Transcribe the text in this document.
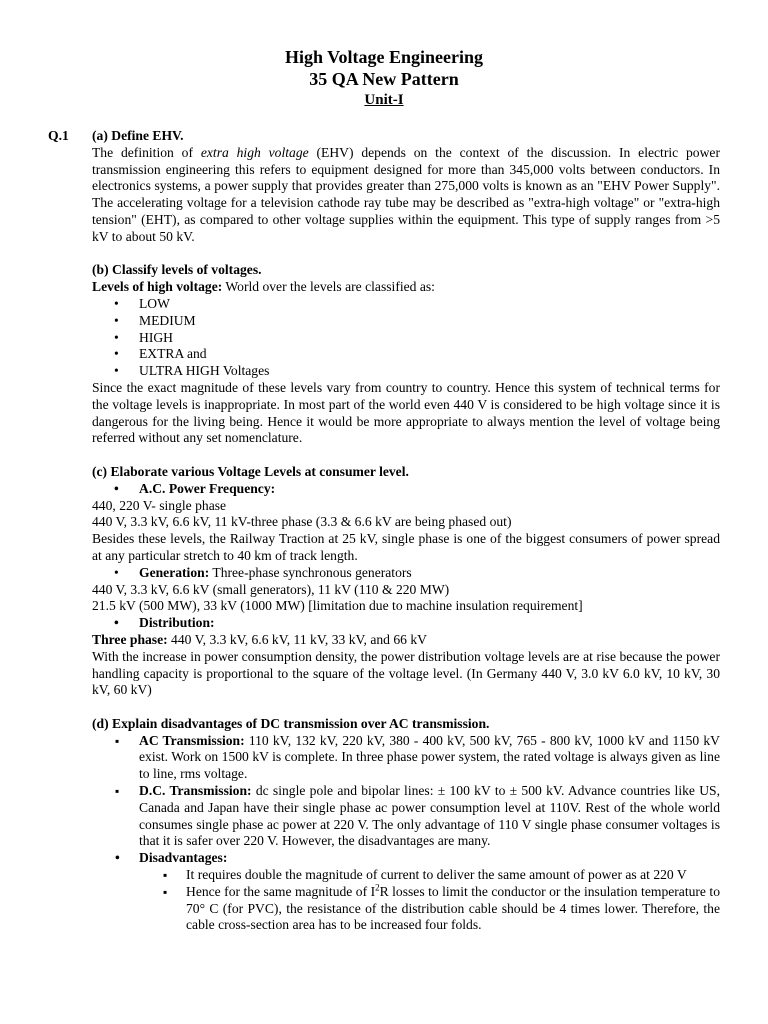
High Voltage Engineering
35 QA New Pattern
Unit-I
Q.1 (a) Define EHV.

The definition of extra high voltage (EHV) depends on the context of the discussion. In electric power transmission engineering this refers to equipment designed for more than 345,000 volts between conductors. In electronics systems, a power supply that provides greater than 275,000 volts is known as an "EHV Power Supply". The accelerating voltage for a television cathode ray tube may be described as "extra-high voltage" or "extra-high tension" (EHT), as compared to other voltage supplies within the equipment. This type of supply ranges from >5 kV to about 50 kV.

(b) Classify levels of voltages.

Levels of high voltage: World over the levels are classified as:

• LOW
• MEDIUM
• HIGH
• EXTRA and
• ULTRA HIGH Voltages

Since the exact magnitude of these levels vary from country to country. Hence this system of technical terms for the voltage levels is inappropriate. In most part of the world even 440 V is considered to be high voltage since it is dangerous for the living being. Hence it would be more appropriate to always mention the level of voltage being referred without any set nomenclature.

(c) Elaborate various Voltage Levels at consumer level.

• A.C. Power Frequency:

440, 220 V- single phase

440 V, 3.3 kV, 6.6 kV, 11 kV-three phase (3.3 & 6.6 kV are being phased out)

Besides these levels, the Railway Traction at 25 kV, single phase is one of the biggest consumers of power spread at any particular stretch to 40 km of track length.

• Generation: Three-phase synchronous generators

440 V, 3.3 kV, 6.6 kV (small generators), 11 kV (110 & 220 MW)

21.5 kV (500 MW), 33 kV (1000 MW) [limitation due to machine insulation requirement]

• Distribution:

Three phase: 440 V, 3.3 kV, 6.6 kV, 11 kV, 33 kV, and 66 kV

With the increase in power consumption density, the power distribution voltage levels are at rise because the power handling capacity is proportional to the square of the voltage level. (In Germany 440 V, 3.0 kV 6.0 kV, 10 kV, 30 kV, 60 kV)

(d) Explain disadvantages of DC transmission over AC transmission.

▪ AC Transmission: 110 kV, 132 kV, 220 kV, 380 - 400 kV, 500 kV, 765 - 800 kV, 1000 kV and 1150 kV exist. Work on 1500 kV is complete. In three phase power system, the rated voltage is always given as line to line, rms voltage.
▪ D.C. Transmission: dc single pole and bipolar lines: ± 100 kV to ± 500 kV. Advance countries like US, Canada and Japan have their single phase ac power consumption level at 110V. Rest of the whole world consumes single phase ac power at 220 V. The only advantage of 110 V single phase consumer voltages is that it is safer over 220 V. However, the disadvantages are many.
• Disadvantages:
▪ It requires double the magnitude of current to deliver the same amount of power as at 220 V
▪ Hence for the same magnitude of $I^2R$ losses to limit the conductor or the insulation temperature to 70° C (for PVC), the resistance of the distribution cable should be 4 times lower. Therefore, the cable cross-section area has to be increased four folds.
